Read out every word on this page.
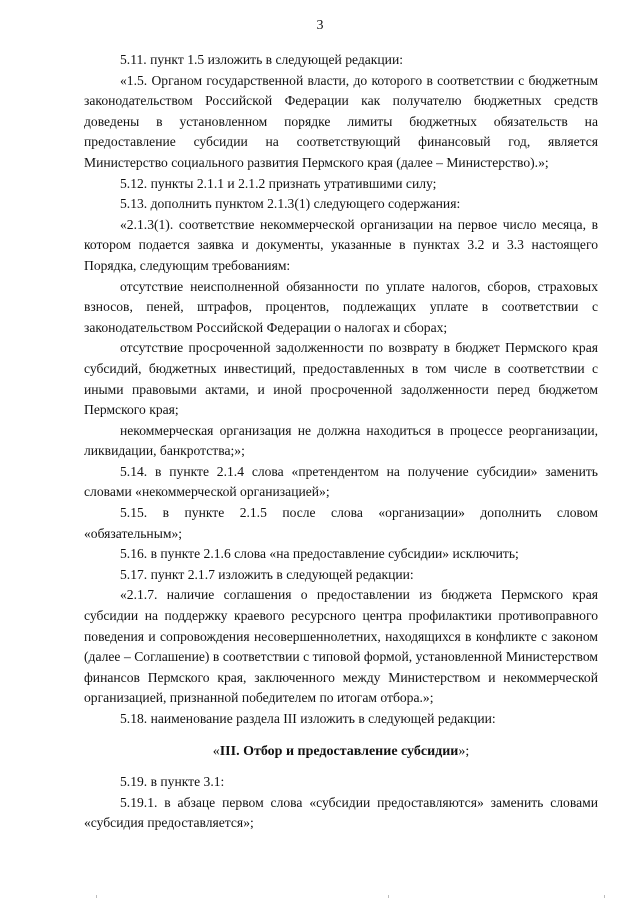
3

5.11. пункт 1.5 изложить в следующей редакции:

«1.5. Органом государственной власти, до которого в соответствии с бюджетным законодательством Российской Федерации как получателю бюджетных средств доведены в установленном порядке лимиты бюджетных обязательств на предоставление субсидии на соответствующий финансовый год, является Министерство социального развития Пермского края (далее – Министерство).»;

5.12. пункты 2.1.1 и 2.1.2 признать утратившими силу;

5.13. дополнить пунктом 2.1.3(1) следующего содержания:

«2.1.3(1). соответствие некоммерческой организации на первое число месяца, в котором подается заявка и документы, указанные в пунктах 3.2 и 3.3 настоящего Порядка, следующим требованиям:

отсутствие неисполненной обязанности по уплате налогов, сборов, страховых взносов, пеней, штрафов, процентов, подлежащих уплате в соответствии с законодательством Российской Федерации о налогах и сборах;

отсутствие просроченной задолженности по возврату в бюджет Пермского края субсидий, бюджетных инвестиций, предоставленных в том числе в соответствии с иными правовыми актами, и иной просроченной задолженности перед бюджетом Пермского края;

некоммерческая организация не должна находиться в процессе реорганизации, ликвидации, банкротства;»;

5.14. в пункте 2.1.4 слова «претендентом на получение субсидии» заменить словами «некоммерческой организацией»;

5.15. в пункте 2.1.5 после слова «организации» дополнить словом «обязательным»;

5.16. в пункте 2.1.6 слова «на предоставление субсидии» исключить;

5.17. пункт 2.1.7 изложить в следующей редакции:

«2.1.7. наличие соглашения о предоставлении из бюджета Пермского края субсидии на поддержку краевого ресурсного центра профилактики противоправного поведения и сопровождения несовершеннолетних, находящихся в конфликте с законом (далее – Соглашение) в соответствии с типовой формой, установленной Министерством финансов Пермского края, заключенного между Министерством и некоммерческой организацией, признанной победителем по итогам отбора.»;

5.18. наименование раздела III изложить в следующей редакции:

«III. Отбор и предоставление субсидии»;

5.19. в пункте 3.1:

5.19.1. в абзаце первом слова «субсидии предоставляются» заменить словами «субсидия предоставляется»;
